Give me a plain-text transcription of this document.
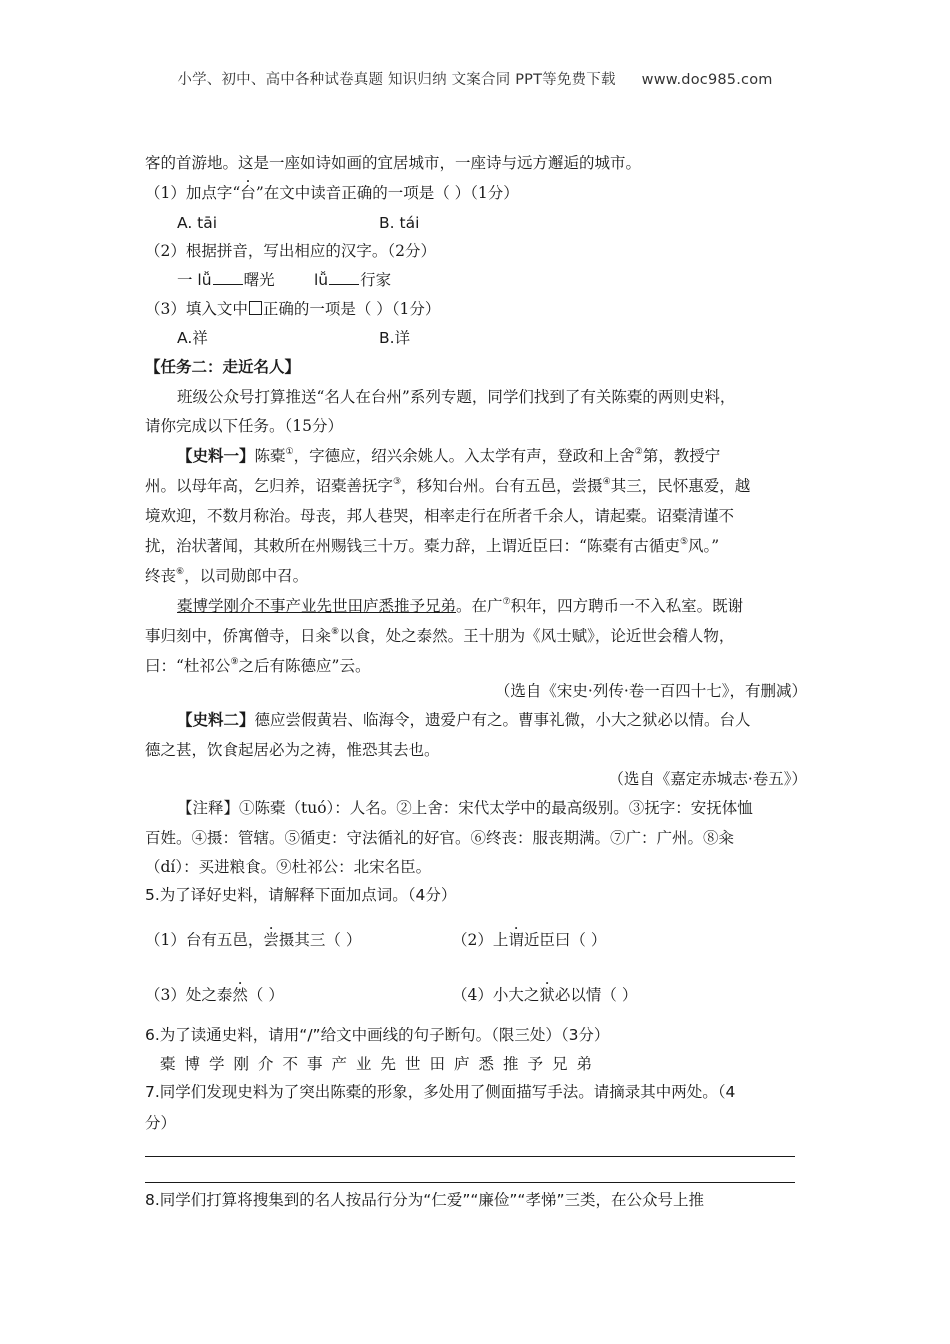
小学、初中、高中各种试卷真题 知识归纳 文案合同 PPT等免费下载 www.doc985.com
客的首游地。这是一座如诗如画的宜居城市，一座诗与远方邂逅的城市。
（1）加点字“台”在文中读音正确的一项是（ ）（1分）
A. tāi	B. tái
（2）根据拼音，写出相应的汉字。（2分）
一 lǚ 曙光	lǚ 行家
（3）填入文中 正确的一项是（ ）（1分）
A.祥	B.详
【任务二：走近名人】
班级公众号打算推送“名人在台州”系列专题，同学们找到了有关陈橐的两则史料，
请你完成以下任务。（15分）
【史料一】陈橐①，字德应，绍兴余姚人。入太学有声，登政和上舍②第，教授宁
州。以母年高，乞归养，诏橐善抚字③，移知台州。台有五邑，尝摄④其三，民怀惠爱，越
境欢迎，不数月称治。母丧，邦人巷哭，相率走行在所者千余人，请起橐。诏橐清谨不
扰，治状著闻，其敕所在州赐钱三十万。橐力辞，上谓近臣曰：“陈橐有古循吏⑤风。”
终丧⑥，以司勋郎中召。
橐博学刚介不事产业先世田庐悉推予兄弟。在广⑦积年，四方聘币一不入私室。既谢
事归刻中，侨寓僧寺，日籴⑧以食，处之泰然。王十朋为《风士赋》，论近世会稽人物，
曰：“杜祁公⑨之后有陈德应”云。
（选自《宋史·列传·卷一百四十七》，有删减）
【史料二】德应尝假黄岩、临海令，遗爱户有之。曹事礼微，小大之狱必以情。台人
德之甚，饮食起居必为之祷，惟恐其去也。
（选自《嘉定赤城志·卷五》）
【注释】①陈橐（tuó）：人名。②上舍：宋代太学中的最高级别。③抚字：安抚体恤
百姓。④摄：管辖。⑤循吏：守法循礼的好官。⑥终丧：服丧期满。⑦广：广州。⑧籴
（dí）：买进粮食。⑨杜祁公：北宋名臣。
5.为了译好史料，请解释下面加点词。（4分）
（1）台有五邑，尝摄其三（ ）	（2）上谓近臣曰（ ）
（3）处之泰然（ ）	（4）小大之狱必以情（ ）
6.为了读通史料，请用“/”给文中画线的句子断句。（限三处）（3分）
橐博学刚介不事产业先世田庐悉推予兄弟
7.同学们发现史料为了突出陈橐的形象，多处用了侧面描写手法。请摘录其中两处。（4
分）
8.同学们打算将搜集到的名人按品行分为“仁爱”“廉俭”“孝悌”三类，在公众号上推
